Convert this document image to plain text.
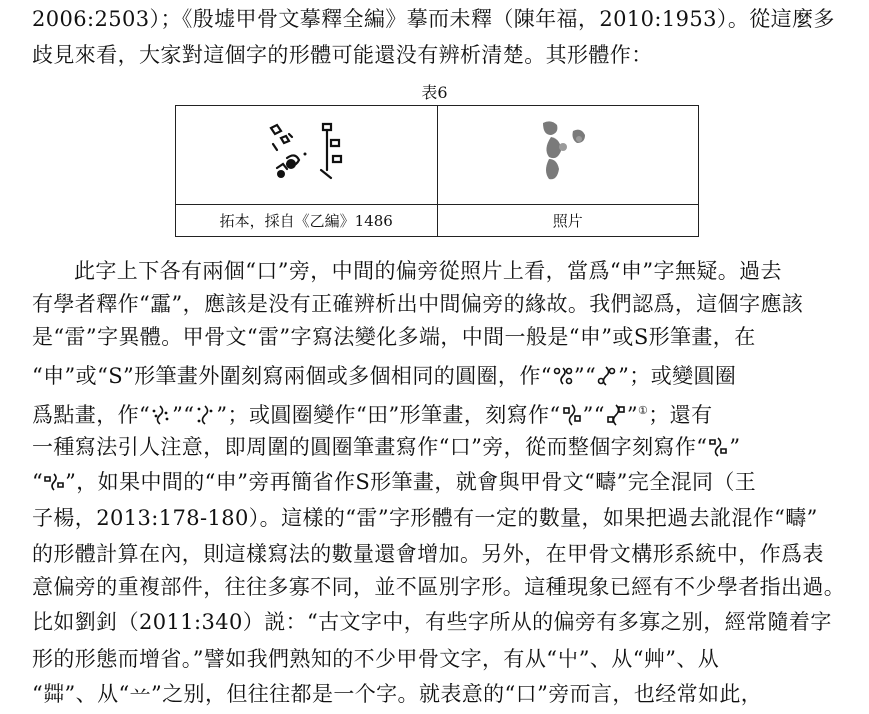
2006:2503）；《殷墟甲骨文摹釋全編》摹而未釋（陳年福，2010:1953）。從這麼多
歧見來看，大家對這個字的形體可能還没有辨析清楚。其形體作：
表6

拓本，採自《乙編》1486	照片
此字上下各有兩個“口”旁，中間的偏旁從照片上看，當爲“申”字無疑。過去
有學者釋作“靁”，應該是没有正確辨析出中間偏旁的緣故。我們認爲，這個字應該
是“雷”字異體。甲骨文“雷”字寫法變化多端，中間一般是“申”或S形筆畫，在
“申”或“S”形筆畫外圍刻寫兩個或多個相同的圓圈，作“ ”“ ”；或變圓圈
爲點畫，作“ ”“ ”；或圓圈變作“田”形筆畫，刻寫作“ ”“ ”①；還有
一種寫法引人注意，即周圍的圓圈筆畫寫作“口”旁，從而整個字刻寫作“ ”
“ ”，如果中間的“申”旁再簡省作S形筆畫，就會與甲骨文“疇”完全混同（王
子楊，2013:178-180）。這樣的“雷”字形體有一定的數量，如果把過去訛混作“疇”
的形體計算在內，則這樣寫法的數量還會增加。另外，在甲骨文構形系統中，作爲表
意偏旁的重複部件，往往多寡不同，並不區別字形。這種現象已經有不少學者指出過。
比如劉釗（2011:340）説：“古文字中，有些字所从的偏旁有多寡之别，經常隨着字
形的形態而增省。”譬如我們熟知的不少甲骨文字，有从“屮”、从“艸”、从
“茻”、从“䒑”之别，但往往都是一个字。就表意的“口”旁而言，也经常如此，
